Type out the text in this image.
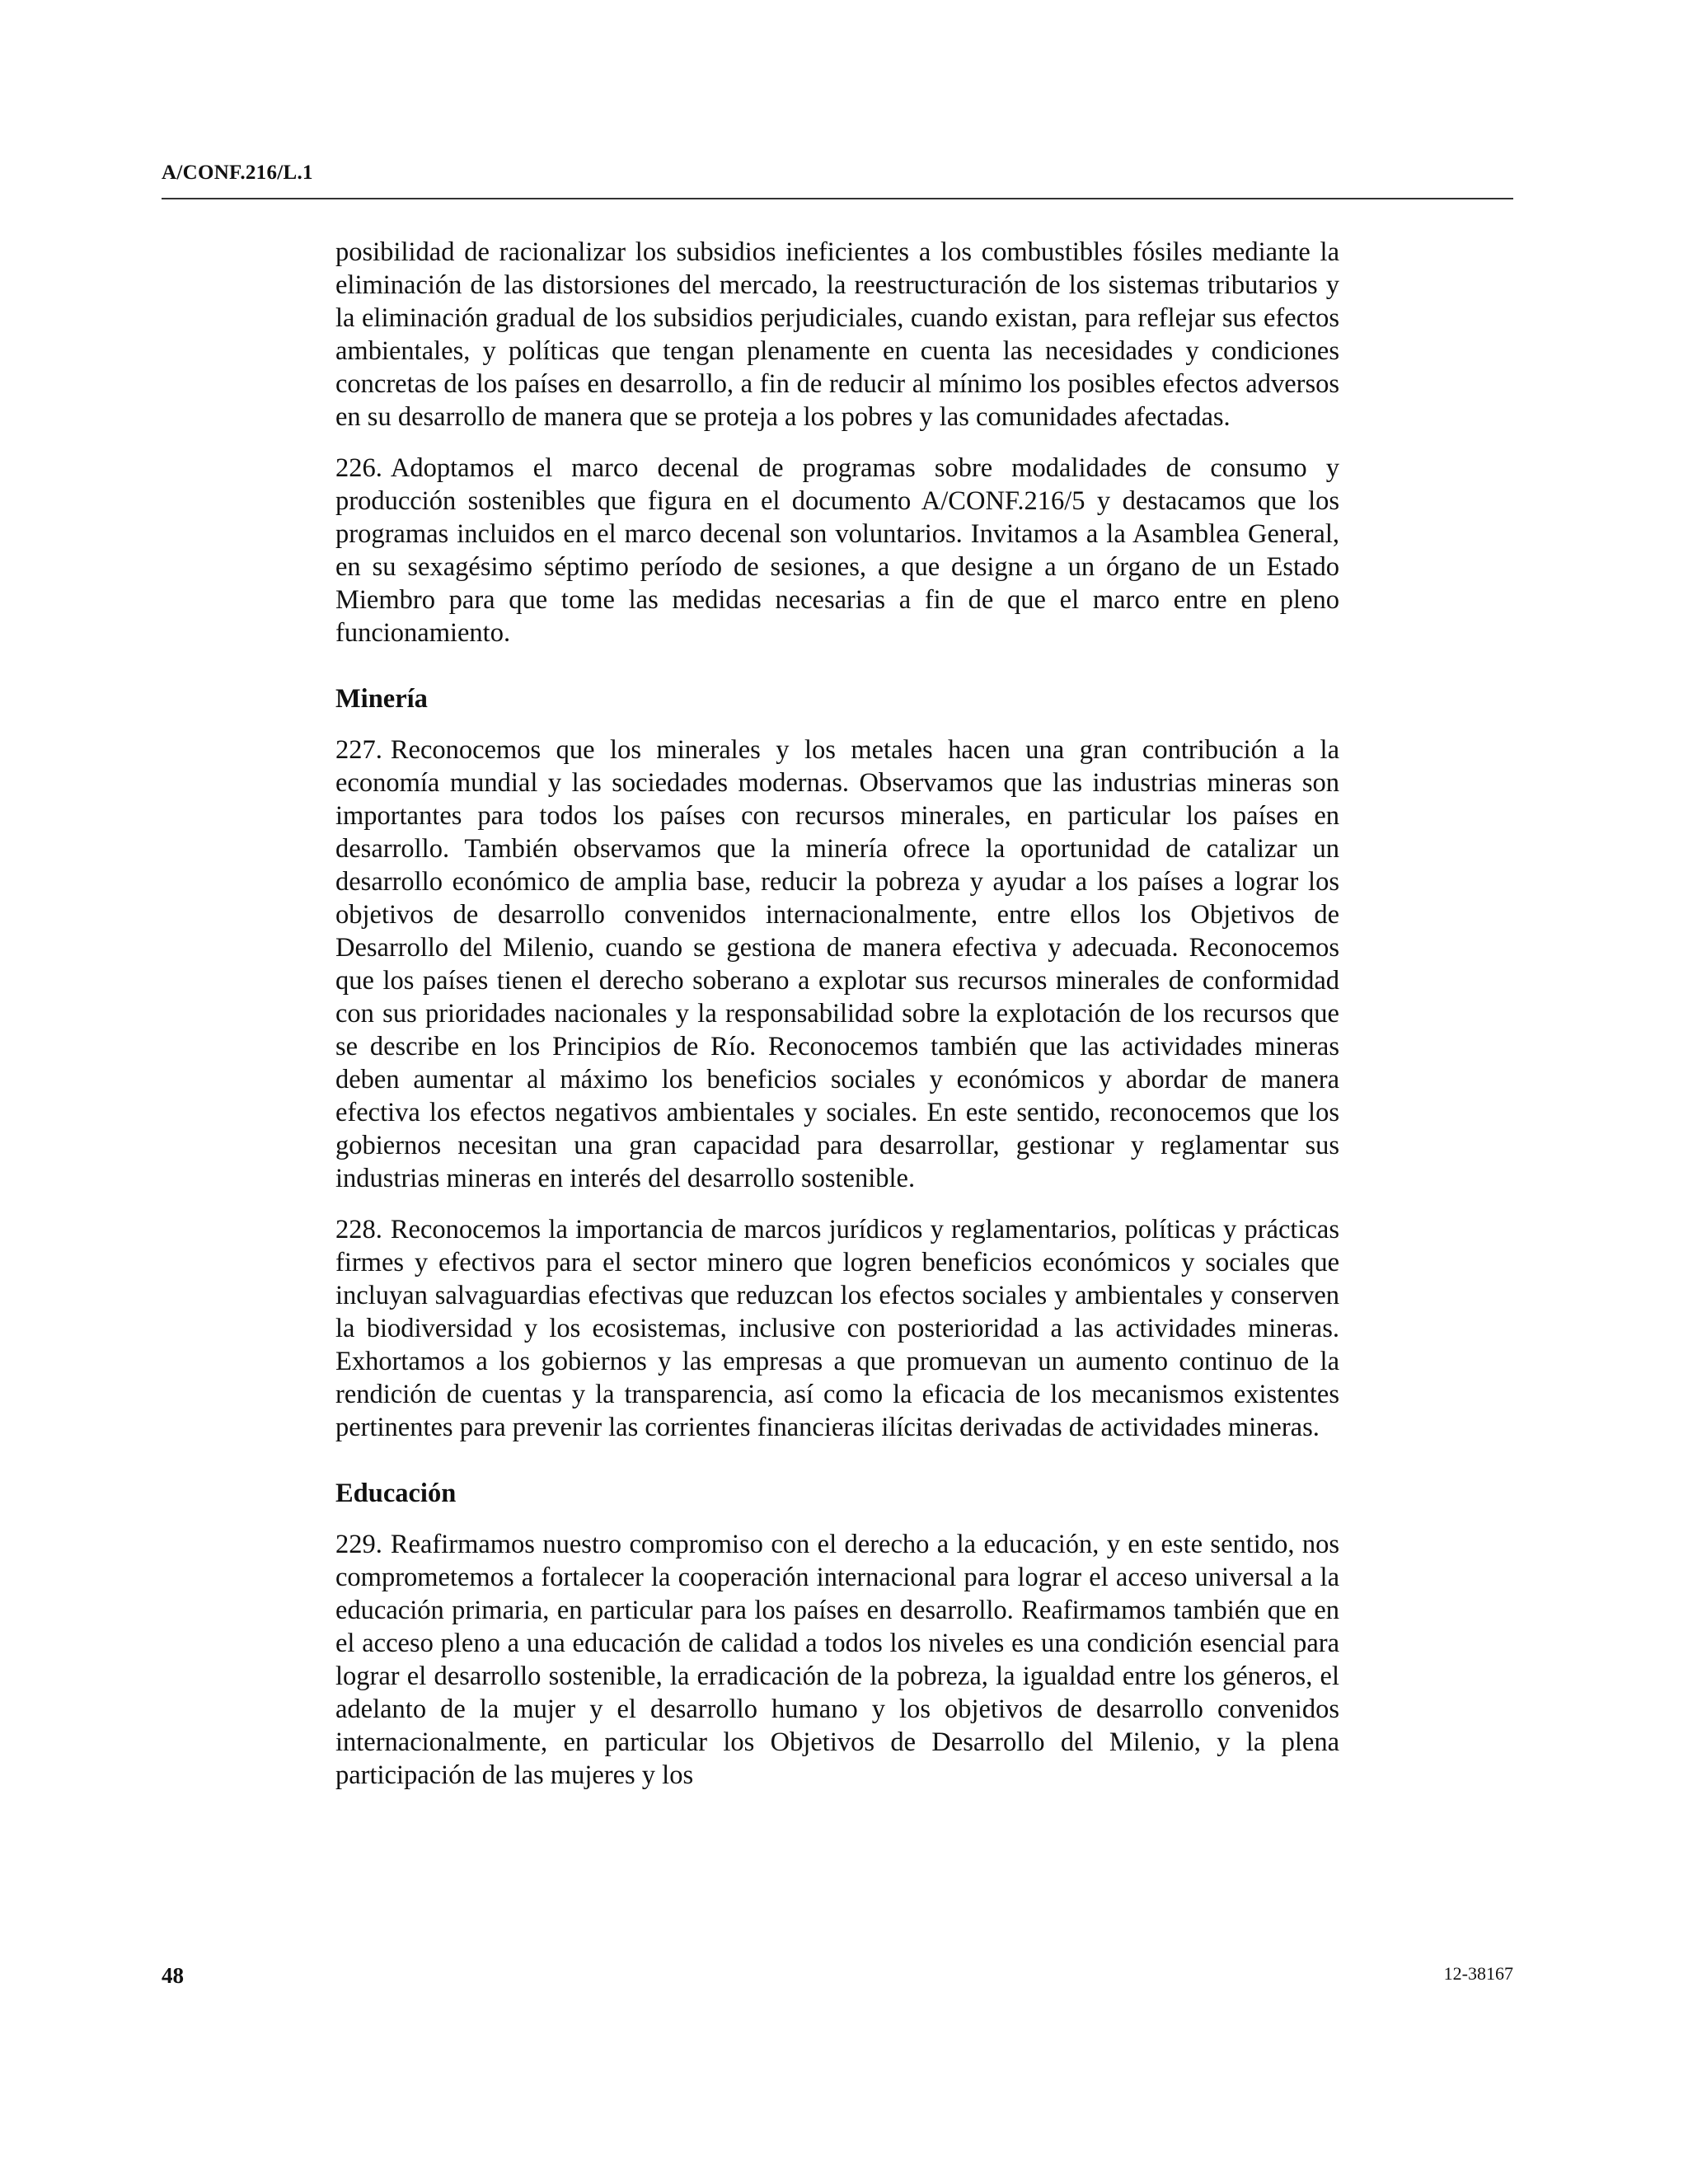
A/CONF.216/L.1

posibilidad de racionalizar los subsidios ineficientes a los combustibles fósiles mediante la eliminación de las distorsiones del mercado, la reestructuración de los sistemas tributarios y la eliminación gradual de los subsidios perjudiciales, cuando existan, para reflejar sus efectos ambientales, y políticas que tengan plenamente en cuenta las necesidades y condiciones concretas de los países en desarrollo, a fin de reducir al mínimo los posibles efectos adversos en su desarrollo de manera que se proteja a los pobres y las comunidades afectadas.

226. Adoptamos el marco decenal de programas sobre modalidades de consumo y producción sostenibles que figura en el documento A/CONF.216/5 y destacamos que los programas incluidos en el marco decenal son voluntarios. Invitamos a la Asamblea General, en su sexagésimo séptimo período de sesiones, a que designe a un órgano de un Estado Miembro para que tome las medidas necesarias a fin de que el marco entre en pleno funcionamiento.

Minería

227. Reconocemos que los minerales y los metales hacen una gran contribución a la economía mundial y las sociedades modernas. Observamos que las industrias mineras son importantes para todos los países con recursos minerales, en particular los países en desarrollo. También observamos que la minería ofrece la oportunidad de catalizar un desarrollo económico de amplia base, reducir la pobreza y ayudar a los países a lograr los objetivos de desarrollo convenidos internacionalmente, entre ellos los Objetivos de Desarrollo del Milenio, cuando se gestiona de manera efectiva y adecuada. Reconocemos que los países tienen el derecho soberano a explotar sus recursos minerales de conformidad con sus prioridades nacionales y la responsabilidad sobre la explotación de los recursos que se describe en los Principios de Río. Reconocemos también que las actividades mineras deben aumentar al máximo los beneficios sociales y económicos y abordar de manera efectiva los efectos negativos ambientales y sociales. En este sentido, reconocemos que los gobiernos necesitan una gran capacidad para desarrollar, gestionar y reglamentar sus industrias mineras en interés del desarrollo sostenible.

228. Reconocemos la importancia de marcos jurídicos y reglamentarios, políticas y prácticas firmes y efectivos para el sector minero que logren beneficios económicos y sociales que incluyan salvaguardias efectivas que reduzcan los efectos sociales y ambientales y conserven la biodiversidad y los ecosistemas, inclusive con posterioridad a las actividades mineras. Exhortamos a los gobiernos y las empresas a que promuevan un aumento continuo de la rendición de cuentas y la transparencia, así como la eficacia de los mecanismos existentes pertinentes para prevenir las corrientes financieras ilícitas derivadas de actividades mineras.

Educación

229. Reafirmamos nuestro compromiso con el derecho a la educación, y en este sentido, nos comprometemos a fortalecer la cooperación internacional para lograr el acceso universal a la educación primaria, en particular para los países en desarrollo. Reafirmamos también que en el acceso pleno a una educación de calidad a todos los niveles es una condición esencial para lograr el desarrollo sostenible, la erradicación de la pobreza, la igualdad entre los géneros, el adelanto de la mujer y el desarrollo humano y los objetivos de desarrollo convenidos internacionalmente, en particular los Objetivos de Desarrollo del Milenio, y la plena participación de las mujeres y los

48	12-38167
